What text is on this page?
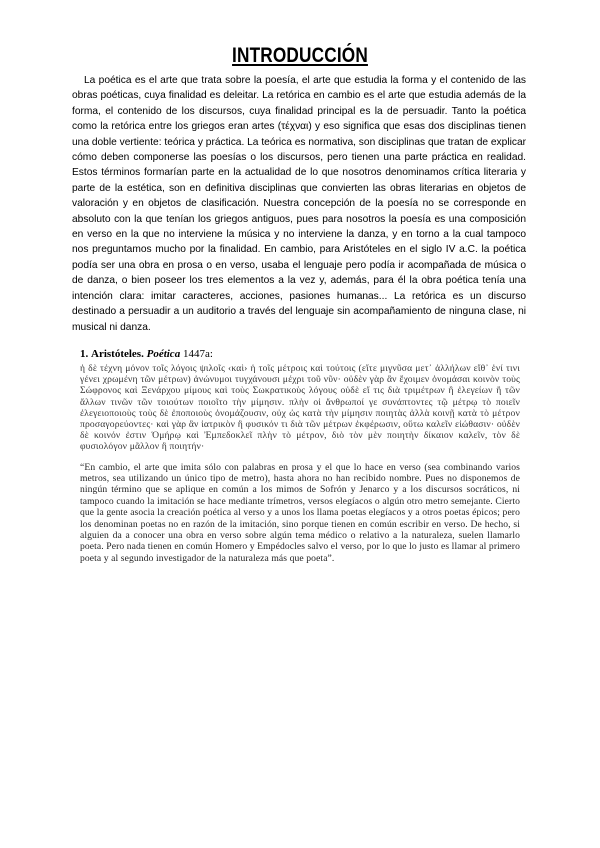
INTRODUCCIÓN

La poética es el arte que trata sobre la poesía, el arte que estudia la forma y el contenido de las obras poéticas, cuya finalidad es deleitar. La retórica en cambio es el arte que estudia además de la forma, el contenido de los discursos, cuya finalidad principal es la de persuadir. Tanto la poética como la retórica entre los griegos eran artes (τέχναι) y eso significa que esas dos disciplinas tienen una doble vertiente: teórica y práctica. La teórica es normativa, son disciplinas que tratan de explicar cómo deben componerse las poesías o los discursos, pero tienen una parte práctica en realidad. Estos términos formarían parte en la actualidad de lo que nosotros denominamos crítica literaria y parte de la estética, son en definitiva disciplinas que convierten las obras literarias en objetos de valoración y en objetos de clasificación. Nuestra concepción de la poesía no se corresponde en absoluto con la que tenían los griegos antiguos, pues para nosotros la poesía es una composición en verso en la que no interviene la música y no interviene la danza, y en torno a la cual tampoco nos preguntamos mucho por la finalidad. En cambio, para Aristóteles en el siglo IV a.C. la poética podía ser una obra en prosa o en verso, usaba el lenguaje pero podía ir acompañada de música o de danza, o bien poseer los tres elementos a la vez y, además, para él la obra poética tenía una intención clara: imitar caracteres, acciones, pasiones humanas... La retórica es un discurso destinado a persuadir a un auditorio a través del lenguaje sin acompañamiento de ninguna clase, ni musical ni danza.

1. Aristóteles. Poética 1447a:

ἡ δὲ τέχνη μόνον τοῖς λόγοις ψιλοῖς ‹καὶ› ἡ τοῖς μέτροις καὶ τούτοις (εἴτε μιγνῦσα μετ᾽ ἀλλήλων εἴθ᾽ ἑνί τινι γένει χρωμένη τῶν μέτρων) ἀνώνυμοι τυγχάνουσι μέχρι τοῦ νῦν· οὐδὲν γὰρ ἂν ἔχοιμεν ὀνομάσαι κοινὸν τοὺς Σώφρονος καὶ Ξενάρχου μίμους καὶ τοὺς Σωκρατικοὺς λόγους οὐδὲ εἴ τις διὰ τριμέτρων ἢ ἐλεγείων ἢ τῶν ἄλλων τινῶν τῶν τοιούτων ποιοῖτο τὴν μίμησιν. πλὴν οἱ ἄνθρωποί γε συνάπτοντες τῷ μέτρῳ τὸ ποιεῖν ἐλεγειοποιοὺς τοὺς δὲ ἐποποιοὺς ὀνομάζουσιν, οὐχ ὡς κατὰ τὴν μίμησιν ποιητὰς ἀλλὰ κοινῇ κατὰ τὸ μέτρον προσαγορεύοντες· καὶ γὰρ ἂν ἰατρικὸν ἢ φυσικόν τι διὰ τῶν μέτρων ἐκφέρωσιν, οὕτω καλεῖν εἰώθασιν· οὐδὲν δὲ κοινόν ἐστιν Ὁμήρῳ καὶ Ἐμπεδοκλεῖ πλὴν τὸ μέτρον, διὸ τὸν μὲν ποιητὴν δίκαιον καλεῖν, τὸν δὲ φυσιολόγον μᾶλλον ἢ ποιητήν·

“En cambio, el arte que imita sólo con palabras en prosa y el que lo hace en verso (sea combinando varios metros, sea utilizando un único tipo de metro), hasta ahora no han recibido nombre. Pues no disponemos de ningún término que se aplique en común a los mimos de Sofrón y Jenarco y a los discursos socráticos, ni tampoco cuando la imitación se hace mediante trímetros, versos elegíacos o algún otro metro semejante. Cierto que la gente asocia la creación poética al verso y a unos los llama poetas elegíacos y a otros poetas épicos; pero los denominan poetas no en razón de la imitación, sino porque tienen en común escribir en verso. De hecho, si alguien da a conocer una obra en verso sobre algún tema médico o relativo a la naturaleza, suelen llamarlo poeta. Pero nada tienen en común Homero y Empédocles salvo el verso, por lo que lo justo es llamar al primero poeta y al segundo investigador de la naturaleza más que poeta”.
